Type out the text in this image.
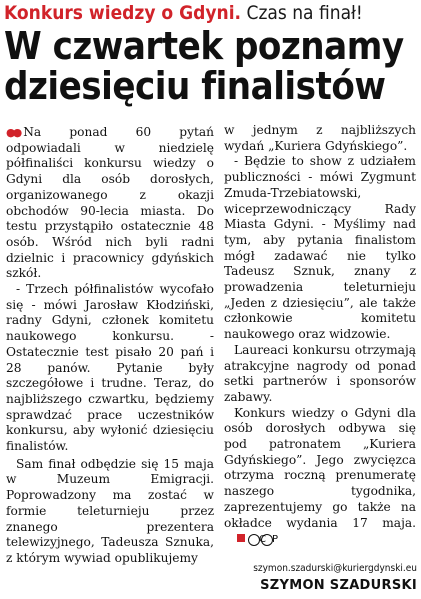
Konkurs wiedzy o Gdyni. Czas na finał!
W czwartek poznamy
dziesięciu finalistów

●● Na ponad 60 pytań odpowiadali w niedzielę półfinaliści konkursu wiedzy o Gdyni dla osób dorosłych, organizowanego z okazji obchodów 90-lecia miasta. Do testu przystąpiło ostatecznie 48 osób. Wśród nich byli radni dzielnic i pracownicy gdyńskich szkół.

- Trzech półfinalistów wycofało się - mówi Jarosław Kłodziński, radny Gdyni, członek komitetu naukowego konkursu. - Ostatecznie test pisało 20 pań i 28 panów. Pytanie były szczegółowe i trudne. Teraz, do najbliższego czwartku, będziemy sprawdzać prace uczestników konkursu, aby wyłonić dziesięciu finalistów.

Sam finał odbędzie się 15 maja w Muzeum Emigracji. Poprowadzony ma zostać w formie teleturnieju przez znanego prezentera telewizyjnego, Tadeusza Sznuka, z którym wywiad opublikujemy

w jednym z najbliższych wydań „Kuriera Gdyńskiego”.

- Będzie to show z udziałem publiczności - mówi Zygmunt Zmuda-Trzebiatowski, wiceprzewodniczący Rady Miasta Gdyni. - Myślimy nad tym, aby pytania finalistom mógł zadawać nie tylko Tadeusz Sznuk, znany z prowadzenia teleturnieju „Jeden z dziesięciu”, ale także członkowie komitetu naukowego oraz widzowie.

Laureaci konkursu otrzymają atrakcyjne nagrody od ponad setki partnerów i sponsorów zabawy.

Konkurs wiedzy o Gdyni dla osób dorosłych odbywa się pod patronatem „Kuriera Gdyńskiego”. Jego zwycięzca otrzyma roczną prenumeratę naszego tygodnika, zaprezentujemy go także na okładce wydania 17 maja.C P

szymon.szadurski@kuriergdynski.eu
SZYMON SZADURSKI
